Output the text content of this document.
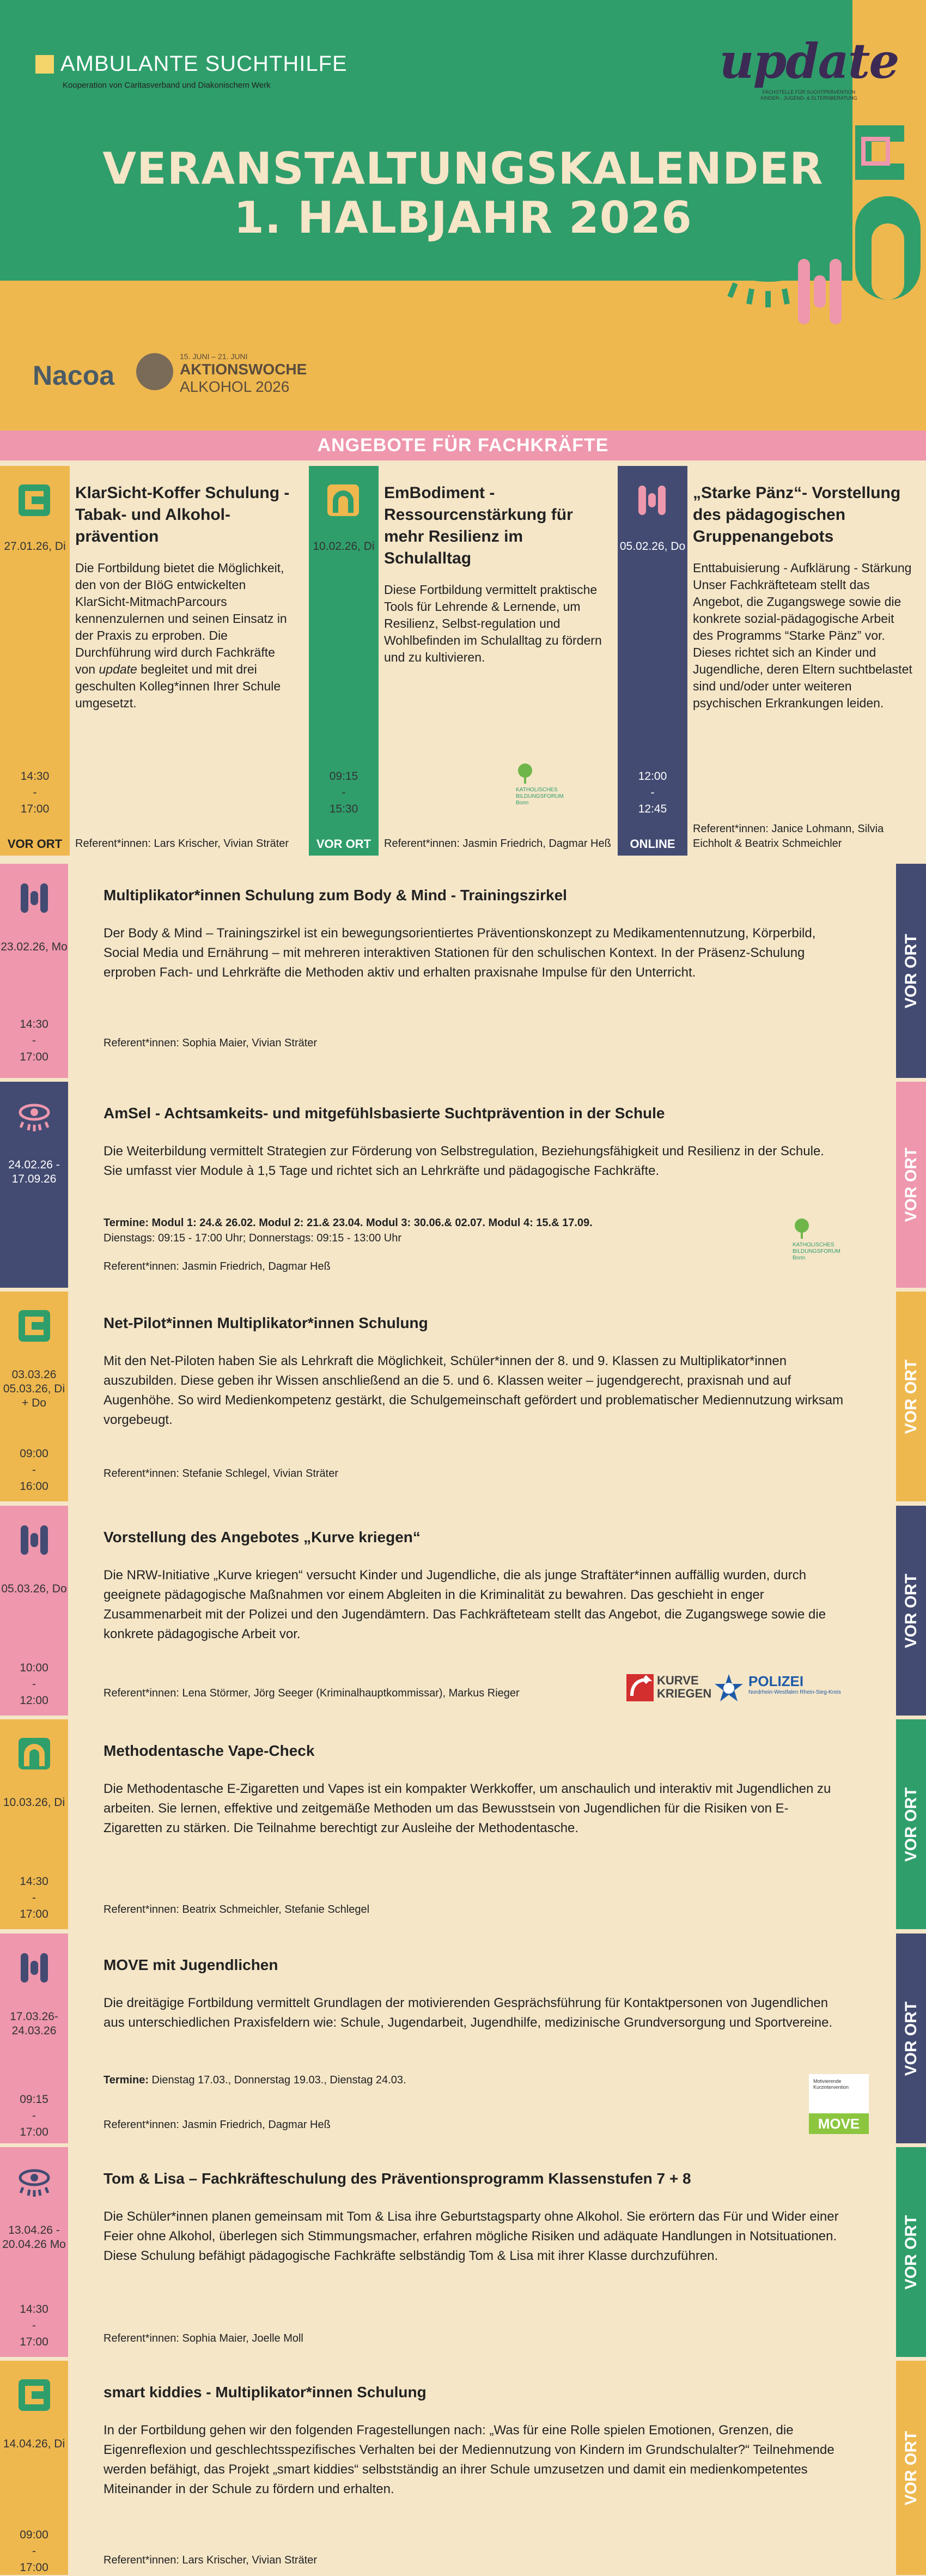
AMBULANTE SUCHTHILFE
Kooperation von Caritasverband und Diakonischem Werk	update
FACHSTELLE FÜR SUCHTPRÄVENTION
KINDER-, JUGEND- & ELTERNBERATUNG
VERANSTALTUNGSKALENDER
1. HALBJAHR 2026
Nacoa
15. JUNI – 21. JUNI
AKTIONSWOCHE
ALKOHOL 2026
ANGEBOTE FÜR FACHKRÄFTE
27.01.26, Di
14:30
-
17:00
VOR ORT
KlarSicht-Koffer Schulung - Tabak- und Alkohol-prävention

Die Fortbildung bietet die Möglichkeit, den von der BIöG entwickelten KlarSicht-MitmachParcours kennenzulernen und seinen Einsatz in der Praxis zu erproben. Die Durchführung wird durch Fachkräfte von update begleitet und mit drei geschulten Kolleg*innen Ihrer Schule umgesetzt.

Referent*innen: Lars Krischer, Vivian Sträter
10.02.26, Di
09:15
-
15:30
VOR ORT
EmBodiment - Ressourcenstärkung für mehr Resilienz im Schulalltag

Diese Fortbildung vermittelt praktische Tools für Lehrende & Lernende, um Resilienz, Selbst-regulation und Wohlbefinden im Schulalltag zu fördern und zu kultivieren.

KATHOLISCHES BILDUNGSFORUM Bonn
Referent*innen: Jasmin Friedrich, Dagmar Heß
05.02.26, Do
12:00
-
12:45
ONLINE
„Starke Pänz“- Vorstellung des pädagogischen Gruppenangebots

Enttabuisierung - Aufklärung - Stärkung
Unser Fachkräfteteam stellt das Angebot, die Zugangswege sowie die konkrete sozial-pädagogische Arbeit des Programms “Starke Pänz” vor. Dieses richtet sich an Kinder und Jugendliche, deren Eltern suchtbelastet sind und/oder unter weiteren psychischen Erkrankungen leiden.

Referent*innen: Janice Lohmann, Silvia Eichholt & Beatrix Schmeichler
23.02.26, Mo
14:30
-
17:00
Multiplikator*innen Schulung zum Body & Mind - Trainingszirkel
Der Body & Mind – Trainingszirkel ist ein bewegungsorientiertes Präventionskonzept zu Medikamentennutzung, Körperbild, Social Media und Ernährung – mit mehreren interaktiven Stationen für den schulischen Kontext. In der Präsenz-Schulung erproben Fach- und Lehrkräfte die Methoden aktiv und erhalten praxisnahe Impulse für den Unterricht.
Referent*innen: Sophia Maier, Vivian Sträter
VOR ORT
24.02.26 - 17.09.26
AmSel - Achtsamkeits- und mitgefühlsbasierte Suchtprävention in der Schule
Die Weiterbildung vermittelt Strategien zur Förderung von Selbstregulation, Beziehungsfähigkeit und Resilienz in der Schule. Sie umfasst vier Module à 1,5 Tage und richtet sich an Lehrkräfte und pädagogische Fachkräfte.
Termine: Modul 1: 24.& 26.02. Modul 2: 21.& 23.04. Modul 3: 30.06.& 02.07. Modul 4: 15.& 17.09.
Dienstags: 09:15 - 17:00 Uhr; Donnerstags: 09:15 - 13:00 Uhr
KATHOLISCHES BILDUNGSFORUM Bonn
Referent*innen: Jasmin Friedrich, Dagmar Heß
VOR ORT
03.03.26 05.03.26, Di + Do
09:00
-
16:00
Net-Pilot*innen Multiplikator*innen Schulung
Mit den Net-Piloten haben Sie als Lehrkraft die Möglichkeit, Schüler*innen der 8. und 9. Klassen zu Multiplikator*innen auszubilden. Diese geben ihr Wissen anschließend an die 5. und 6. Klassen weiter – jugendgerecht, praxisnah und auf Augenhöhe. So wird Medienkompetenz gestärkt, die Schulgemeinschaft gefördert und problematischer Mediennutzung wirksam vorgebeugt.
Referent*innen: Stefanie Schlegel, Vivian Sträter
VOR ORT
05.03.26, Do
10:00
-
12:00
Vorstellung des Angebotes „Kurve kriegen“
Die NRW-Initiative „Kurve kriegen“ versucht Kinder und Jugendliche, die als junge Straftäter*innen auffällig wurden, durch geeignete pädagogische Maßnahmen vor einem Abgleiten in die Kriminalität zu bewahren. Das geschieht in enger Zusammenarbeit mit der Polizei und den Jugendämtern. Das Fachkräfteteam stellt das Angebot, die Zugangswege sowie die konkrete pädagogische Arbeit vor.
Referent*innen: Lena Störmer, Jörg Seeger (Kriminalhauptkommissar), Markus Rieger
KURVE KRIEGEN
POLIZEI
Nordrhein-Westfalen Rhein-Sieg-Kreis
VOR ORT
10.03.26, Di
14:30
-
17:00
Methodentasche Vape-Check
Die Methodentasche E-Zigaretten und Vapes ist ein kompakter Werkkoffer, um anschaulich und interaktiv mit Jugendlichen zu arbeiten. Sie lernen, effektive und zeitgemäße Methoden um das Bewusstsein von Jugendlichen für die Risiken von E-Zigaretten zu stärken. Die Teilnahme berechtigt zur Ausleihe der Methodentasche.
Referent*innen: Beatrix Schmeichler, Stefanie Schlegel
VOR ORT
17.03.26- 24.03.26
09:15
-
17:00
MOVE mit Jugendlichen
Die dreitägige Fortbildung vermittelt Grundlagen der motivierenden Gesprächsführung für Kontaktpersonen von Jugendlichen aus unterschiedlichen Praxisfeldern wie: Schule, Jugendarbeit, Jugendhilfe, medizinische Grundversorgung und Sportvereine.
Termine: Dienstag 17.03., Donnerstag 19.03., Dienstag 24.03.	Motivierende Kurzintervention
MOVE
Referent*innen: Jasmin Friedrich, Dagmar Heß
VOR ORT
13.04.26 - 20.04.26 Mo
14:30
-
17:00
Tom & Lisa – Fachkräfteschulung des Präventionsprogramm Klassenstufen 7 + 8
Die Schüler*innen planen gemeinsam mit Tom & Lisa ihre Geburtstagsparty ohne Alkohol. Sie erörtern das Für und Wider einer Feier ohne Alkohol, überlegen sich Stimmungsmacher, erfahren mögliche Risiken und adäquate Handlungen in Notsituationen. Diese Schulung befähigt pädagogische Fachkräfte selbständig Tom & Lisa mit ihrer Klasse durchzuführen.
Referent*innen: Sophia Maier, Joelle Moll
VOR ORT
14.04.26, Di
09:00
-
17:00
smart kiddies - Multiplikator*innen Schulung
In der Fortbildung gehen wir den folgenden Fragestellungen nach: „Was für eine Rolle spielen Emotionen, Grenzen, die Eigenreflexion und geschlechtsspezifisches Verhalten bei der Mediennutzung von Kindern im Grundschulalter?“ Teilnehmende werden befähigt, das Projekt „smart kiddies“ selbstständig an ihrer Schule umzusetzen und damit ein medienkompetentes Miteinander in der Schule zu fördern und erhalten.
Referent*innen: Lars Krischer, Vivian Sträter
VOR ORT
